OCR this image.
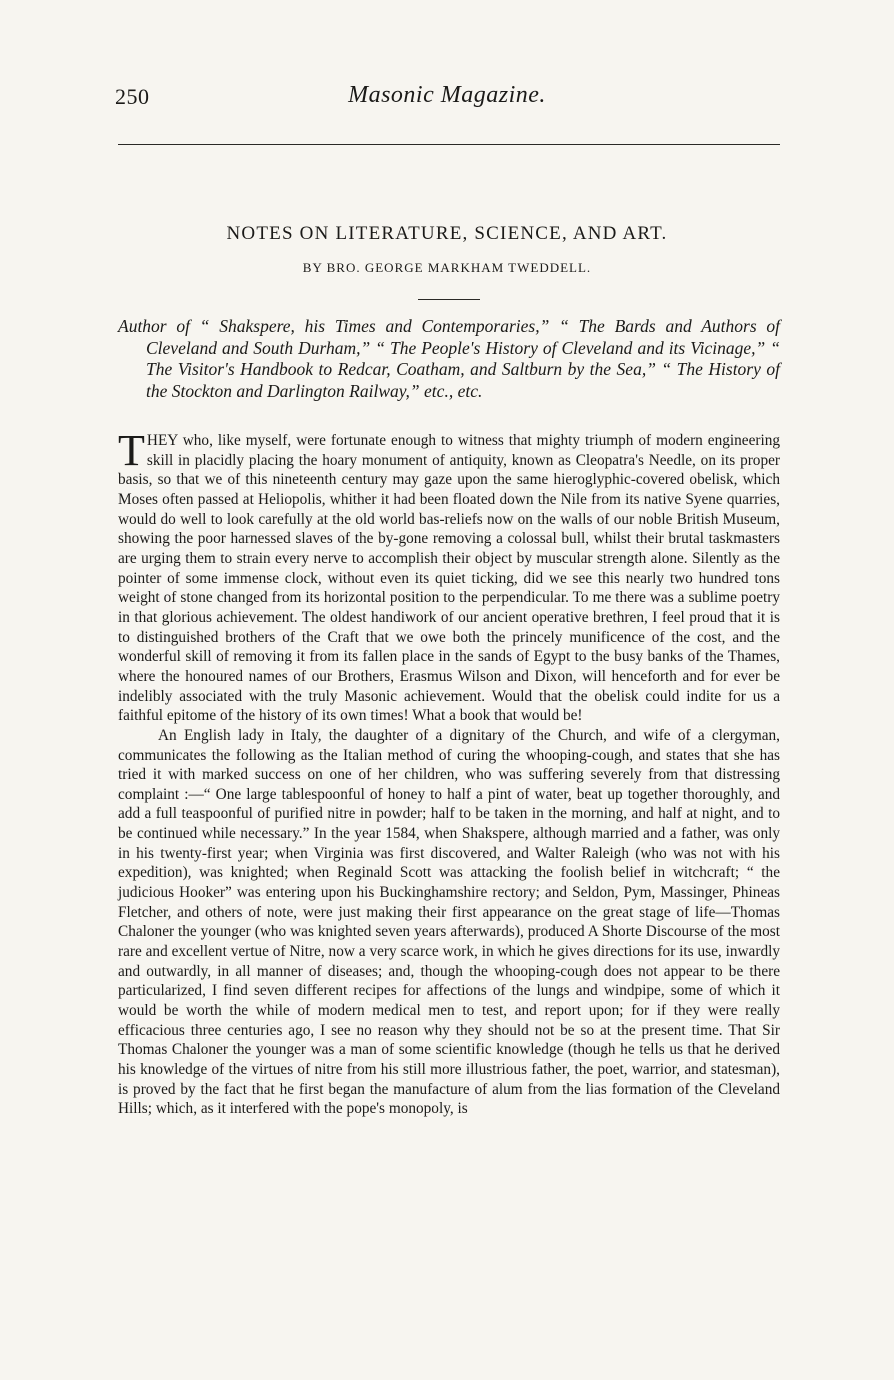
250	Masonic Magazine.
NOTES ON LITERATURE, SCIENCE, AND ART.
BY BRO. GEORGE MARKHAM TWEDDELL.

Author of “ Shakspere, his Times and Contemporaries,” “ The Bards and Authors of Cleveland and South Durham,” “ The People's History of Cleveland and its Vicinage,” “ The Visitor's Handbook to Redcar, Coatham, and Saltburn by the Sea,” “ The History of the Stockton and Darlington Railway,” etc., etc.

THEY who, like myself, were fortunate enough to witness that mighty triumph of modern engineering skill in placidly placing the hoary monument of antiquity, known as Cleopatra's Needle, on its proper basis, so that we of this nineteenth century may gaze upon the same hieroglyphic-covered obelisk, which Moses often passed at Heliopolis, whither it had been floated down the Nile from its native Syene quarries, would do well to look carefully at the old world bas-reliefs now on the walls of our noble British Museum, showing the poor harnessed slaves of the by-gone removing a colossal bull, whilst their brutal taskmasters are urging them to strain every nerve to accomplish their object by muscular strength alone. Silently as the pointer of some immense clock, without even its quiet ticking, did we see this nearly two hundred tons weight of stone changed from its horizontal position to the perpendicular. To me there was a sublime poetry in that glorious achievement. The oldest handiwork of our ancient operative brethren, I feel proud that it is to distinguished brothers of the Craft that we owe both the princely munificence of the cost, and the wonderful skill of removing it from its fallen place in the sands of Egypt to the busy banks of the Thames, where the honoured names of our Brothers, Erasmus Wilson and Dixon, will henceforth and for ever be indelibly associated with the truly Masonic achievement. Would that the obelisk could indite for us a faithful epitome of the history of its own times! What a book that would be!

An English lady in Italy, the daughter of a dignitary of the Church, and wife of a clergyman, communicates the following as the Italian method of curing the whooping-cough, and states that she has tried it with marked success on one of her children, who was suffering severely from that distressing complaint :—“ One large tablespoonful of honey to half a pint of water, beat up together thoroughly, and add a full teaspoonful of purified nitre in powder; half to be taken in the morning, and half at night, and to be continued while necessary.” In the year 1584, when Shakspere, although married and a father, was only in his twenty-first year; when Virginia was first discovered, and Walter Raleigh (who was not with his expedition), was knighted; when Reginald Scott was attacking the foolish belief in witchcraft; “ the judicious Hooker” was entering upon his Buckinghamshire rectory; and Seldon, Pym, Massinger, Phineas Fletcher, and others of note, were just making their first appearance on the great stage of life—Thomas Chaloner the younger (who was knighted seven years afterwards), produced A Shorte Discourse of the most rare and excellent vertue of Nitre, now a very scarce work, in which he gives directions for its use, inwardly and outwardly, in all manner of diseases; and, though the whooping-cough does not appear to be there particularized, I find seven different recipes for affections of the lungs and windpipe, some of which it would be worth the while of modern medical men to test, and report upon; for if they were really efficacious three centuries ago, I see no reason why they should not be so at the present time. That Sir Thomas Chaloner the younger was a man of some scientific knowledge (though he tells us that he derived his knowledge of the virtues of nitre from his still more illustrious father, the poet, warrior, and statesman), is proved by the fact that he first began the manufacture of alum from the lias formation of the Cleveland Hills; which, as it interfered with the pope's monopoly, is
